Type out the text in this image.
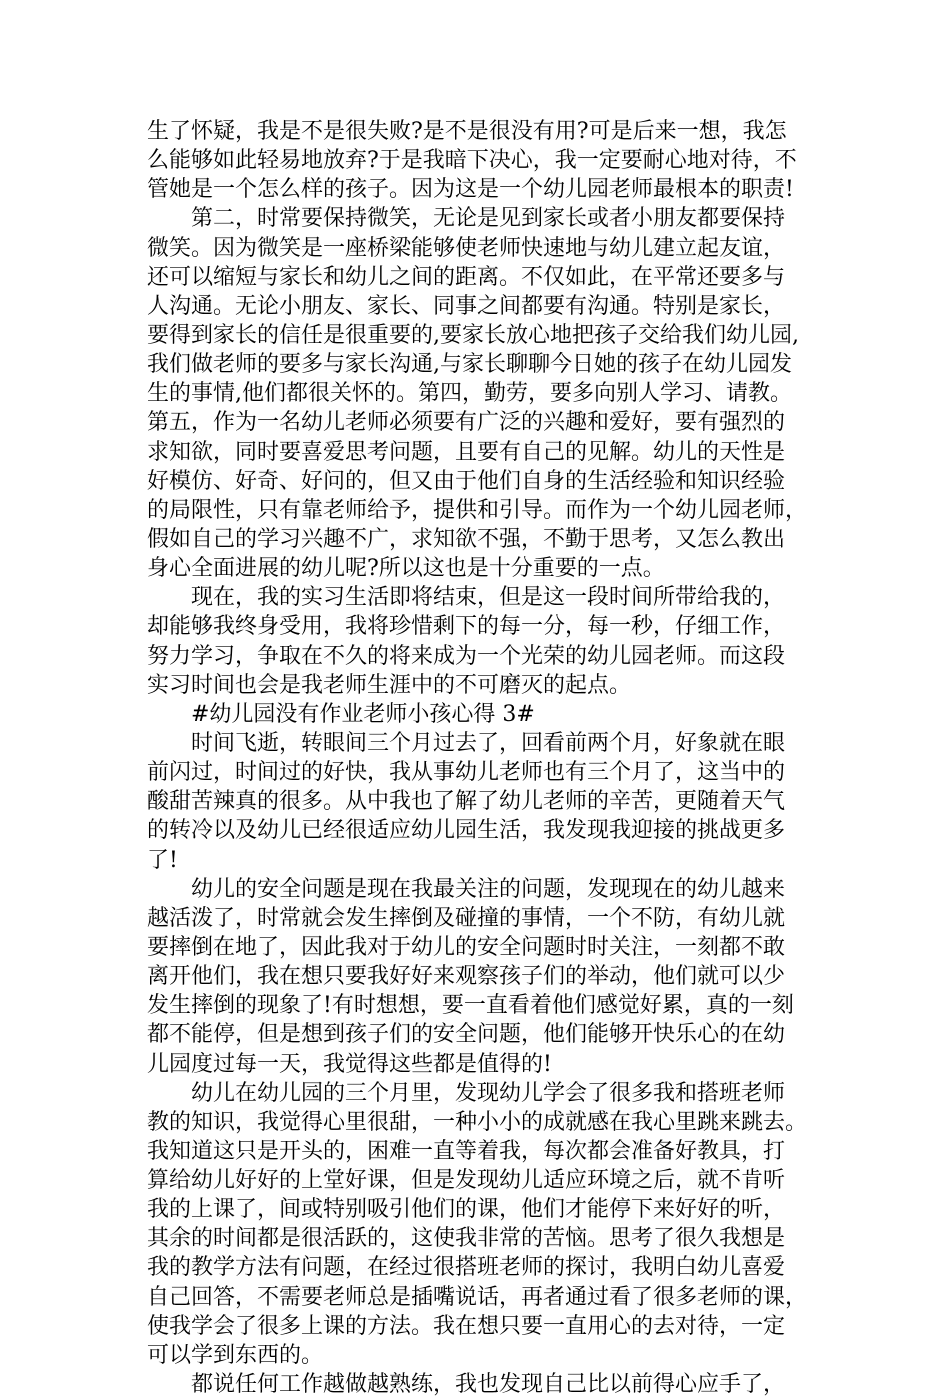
生了怀疑，我是不是很失败?是不是很没有用?可是后来一想，我怎
么能够如此轻易地放弃?于是我暗下决心，我一定要耐心地对待，不
管她是一个怎么样的孩子。因为这是一个幼儿园老师最根本的职责!
第二，时常要保持微笑，无论是见到家长或者小朋友都要保持
微笑。因为微笑是一座桥梁能够使老师快速地与幼儿建立起友谊，
还可以缩短与家长和幼儿之间的距离。不仅如此，在平常还要多与
人沟通。无论小朋友、家长、同事之间都要有沟通。特别是家长，
要得到家长的信任是很重要的,要家长放心地把孩子交给我们幼儿园,
我们做老师的要多与家长沟通,与家长聊聊今日她的孩子在幼儿园发
生的事情,他们都很关怀的。第四，勤劳，要多向别人学习、请教。
第五，作为一名幼儿老师必须要有广泛的兴趣和爱好，要有强烈的
求知欲，同时要喜爱思考问题，且要有自己的见解。幼儿的天性是
好模仿、好奇、好问的，但又由于他们自身的生活经验和知识经验
的局限性，只有靠老师给予，提供和引导。而作为一个幼儿园老师，
假如自己的学习兴趣不广，求知欲不强，不勤于思考，又怎么教出
身心全面进展的幼儿呢?所以这也是十分重要的一点。
现在，我的实习生活即将结束，但是这一段时间所带给我的，
却能够我终身受用，我将珍惜剩下的每一分，每一秒，仔细工作，
努力学习，争取在不久的将来成为一个光荣的幼儿园老师。而这段
实习时间也会是我老师生涯中的不可磨灭的起点。
#幼儿园没有作业老师小孩心得 3#
时间飞逝，转眼间三个月过去了，回看前两个月，好象就在眼
前闪过，时间过的好快，我从事幼儿老师也有三个月了，这当中的
酸甜苦辣真的很多。从中我也了解了幼儿老师的辛苦，更随着天气
的转冷以及幼儿已经很适应幼儿园生活，我发现我迎接的挑战更多
了!
幼儿的安全问题是现在我最关注的问题，发现现在的幼儿越来
越活泼了，时常就会发生摔倒及碰撞的事情，一个不防，有幼儿就
要摔倒在地了，因此我对于幼儿的安全问题时时关注，一刻都不敢
离开他们，我在想只要我好好来观察孩子们的举动，他们就可以少
发生摔倒的现象了!有时想想，要一直看着他们感觉好累，真的一刻
都不能停，但是想到孩子们的安全问题，他们能够开快乐心的在幼
儿园度过每一天，我觉得这些都是值得的!
幼儿在幼儿园的三个月里，发现幼儿学会了很多我和搭班老师
教的知识，我觉得心里很甜，一种小小的成就感在我心里跳来跳去。
我知道这只是开头的，困难一直等着我，每次都会准备好教具，打
算给幼儿好好的上堂好课，但是发现幼儿适应环境之后，就不肯听
我的上课了，间或特别吸引他们的课，他们才能停下来好好的听，
其余的时间都是很活跃的，这使我非常的苦恼。思考了很久我想是
我的教学方法有问题，在经过很搭班老师的探讨，我明白幼儿喜爱
自己回答，不需要老师总是插嘴说话，再者通过看了很多老师的课，
使我学会了很多上课的方法。我在想只要一直用心的去对待，一定
可以学到东西的。
都说任何工作越做越熟练，我也发现自己比以前得心应手了，
